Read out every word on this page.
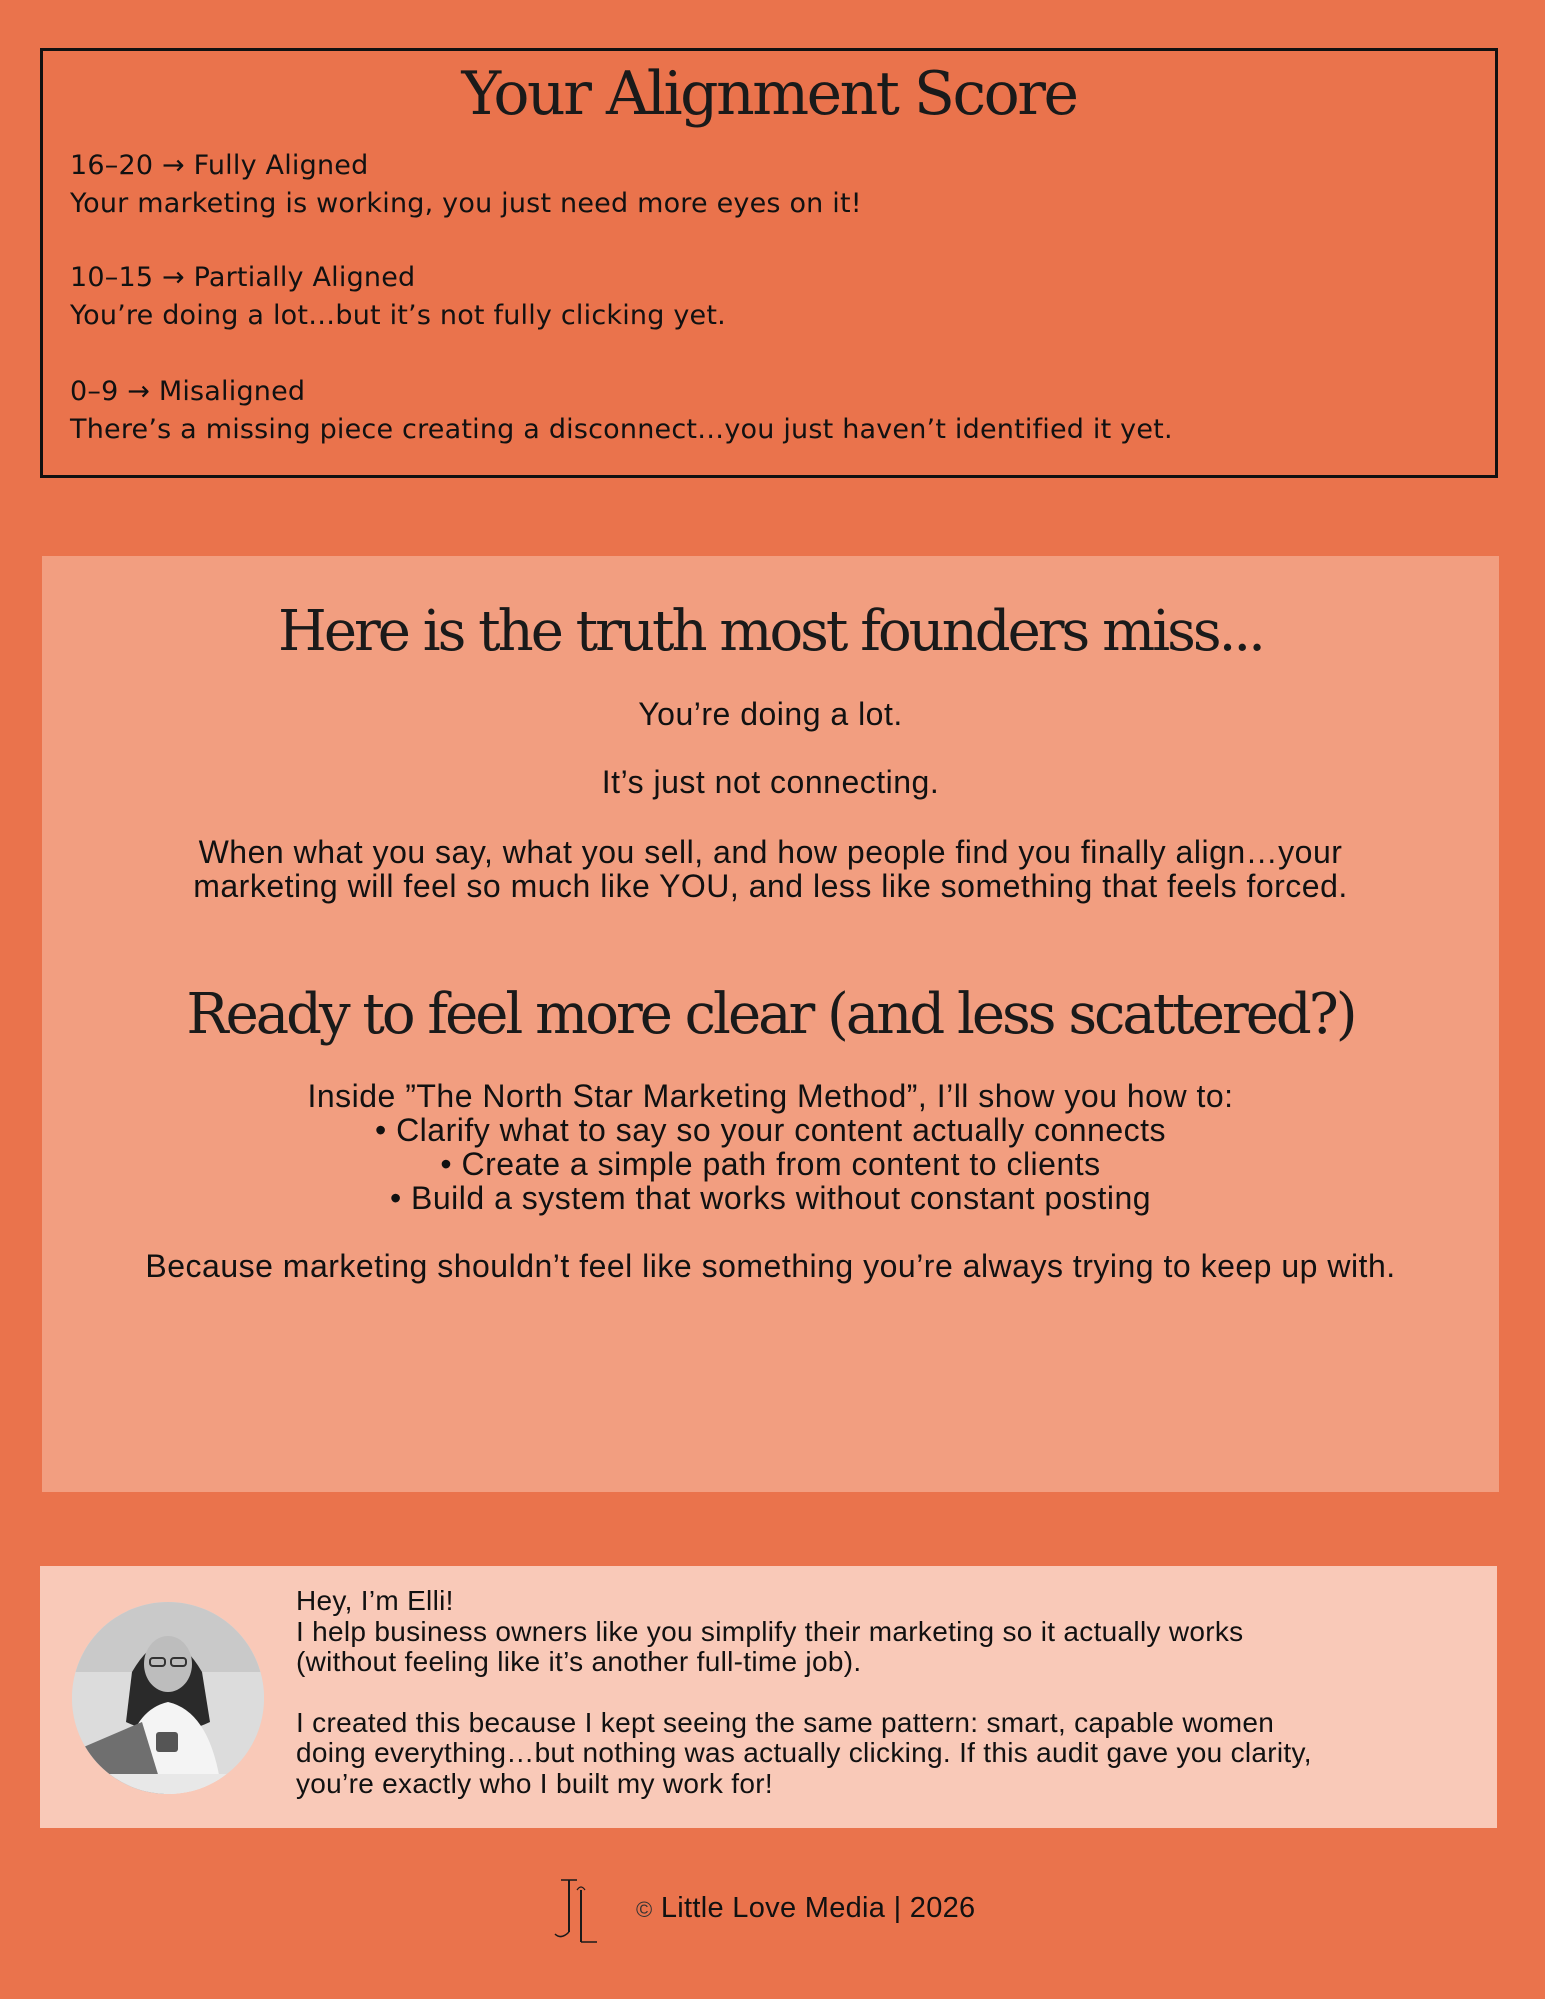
Your Alignment Score
16–20 → Fully Aligned
Your marketing is working, you just need more eyes on it!
10–15 → Partially Aligned
You’re doing a lot…but it’s not fully clicking yet.
0–9 → Misaligned
There’s a missing piece creating a disconnect…you just haven’t identified it yet.
Here is the truth most founders miss...
You’re doing a lot.
It’s just not connecting.
When what you say, what you sell, and how people find you finally align…your
marketing will feel so much like YOU, and less like something that feels forced.
Ready to feel more clear (and less scattered?)
Inside ”The North Star Marketing Method”, I’ll show you how to:
• Clarify what to say so your content actually connects
• Create a simple path from content to clients
• Build a system that works without constant posting
Because marketing shouldn’t feel like something you’re always trying to keep up with.
Hey, I’m Elli!
I help business owners like you simplify their marketing so it actually works
(without feeling like it’s another full-time job).
I created this because I kept seeing the same pattern: smart, capable women
doing everything…but nothing was actually clicking. If this audit gave you clarity,
you’re exactly who I built my work for!
© Little Love Media | 2026
